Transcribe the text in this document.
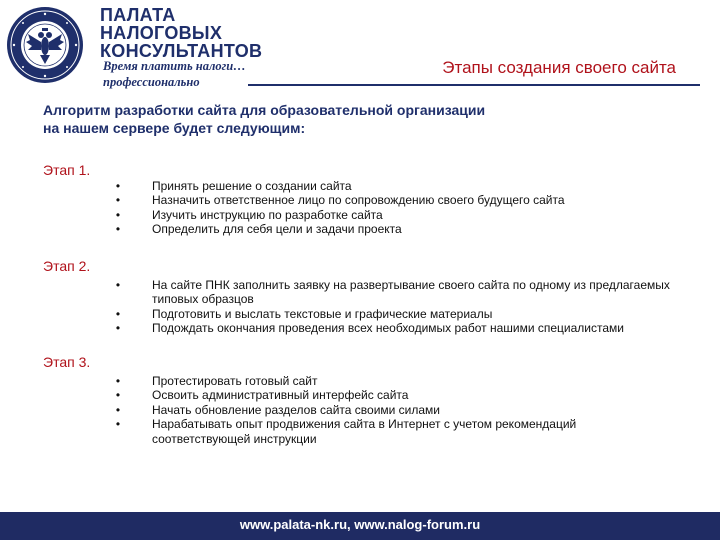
ПАЛАТА
НАЛОГОВЫХ
КОНСУЛЬТАНТОВ
Время платить налоги…
профессионально
Этапы создания своего сайта
Алгоритм разработки сайта для образовательной организации
на нашем сервере будет следующим:
Этап 1.
•	Принять решение о создании сайта
•	Назначить ответственное лицо по сопровождению своего будущего сайта
•	Изучить инструкцию по разработке сайта
•	Определить для себя цели и задачи проекта
Этап 2.
•	На сайте ПНК заполнить заявку на развертывание своего сайта по одному из предлагаемых типовых образцов
•	Подготовить и выслать текстовые и графические материалы
•	Подождать окончания проведения всех необходимых работ нашими специалистами
Этап 3.
•	Протестировать готовый сайт
•	Освоить административный интерфейс сайта
•	Начать обновление разделов сайта своими силами
•	Нарабатывать опыт продвижения сайта в Интернет с учетом рекомендаций соответствующей инструкции
www.palata-nk.ru, www.nalog-forum.ru
